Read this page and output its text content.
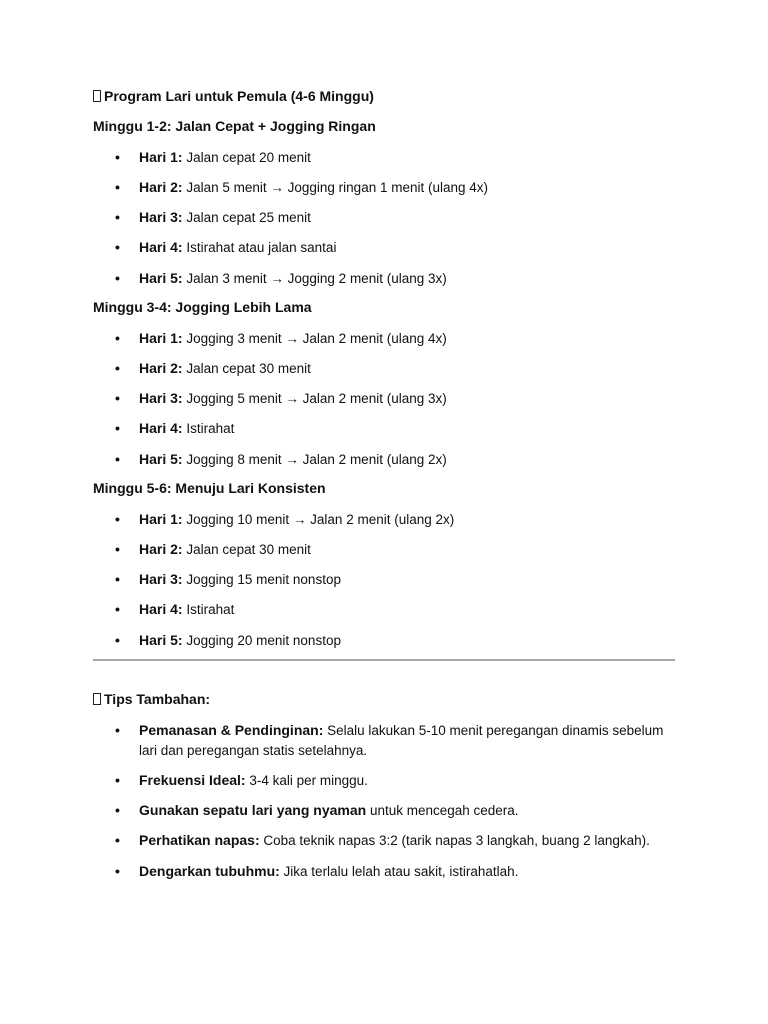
Program Lari untuk Pemula (4-6 Minggu)
Minggu 1-2: Jalan Cepat + Jogging Ringan
• Hari 1: Jalan cepat 20 menit
• Hari 2: Jalan 5 menit → Jogging ringan 1 menit (ulang 4x)
• Hari 3: Jalan cepat 25 menit
• Hari 4: Istirahat atau jalan santai
• Hari 5: Jalan 3 menit → Jogging 2 menit (ulang 3x)
Minggu 3-4: Jogging Lebih Lama
• Hari 1: Jogging 3 menit → Jalan 2 menit (ulang 4x)
• Hari 2: Jalan cepat 30 menit
• Hari 3: Jogging 5 menit → Jalan 2 menit (ulang 3x)
• Hari 4: Istirahat
• Hari 5: Jogging 8 menit → Jalan 2 menit (ulang 2x)
Minggu 5-6: Menuju Lari Konsisten
• Hari 1: Jogging 10 menit → Jalan 2 menit (ulang 2x)
• Hari 2: Jalan cepat 30 menit
• Hari 3: Jogging 15 menit nonstop
• Hari 4: Istirahat
• Hari 5: Jogging 20 menit nonstop
Tips Tambahan:
• Pemanasan & Pendinginan: Selalu lakukan 5-10 menit peregangan dinamis sebelum lari dan peregangan statis setelahnya.
• Frekuensi Ideal: 3-4 kali per minggu.
• Gunakan sepatu lari yang nyaman untuk mencegah cedera.
• Perhatikan napas: Coba teknik napas 3:2 (tarik napas 3 langkah, buang 2 langkah).
• Dengarkan tubuhmu: Jika terlalu lelah atau sakit, istirahatlah.
